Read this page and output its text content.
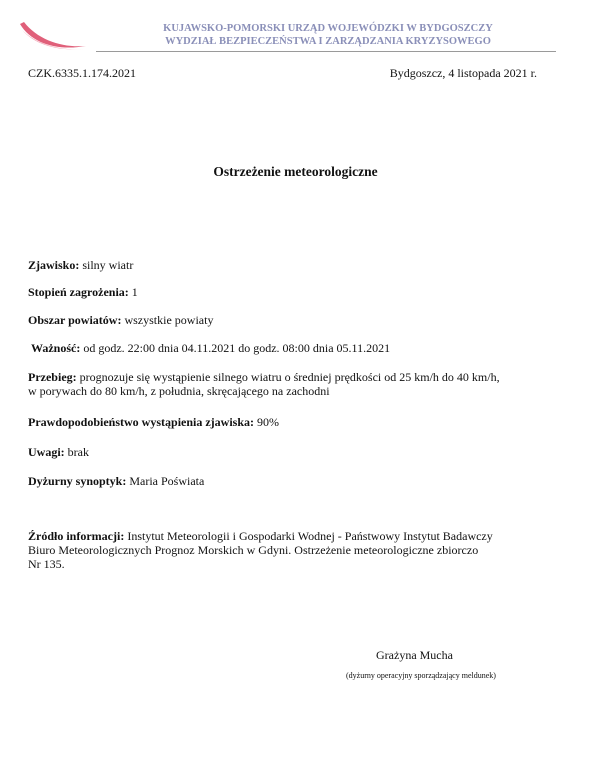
KUJAWSKO-POMORSKI URZĄD WOJEWÓDZKI W BYDGOSZCZY
WYDZIAŁ BEZPIECZEŃSTWA I ZARZĄDZANIA KRYZYSOWEGO
CZK.6335.1.174.2021	Bydgoszcz, 4 listopada 2021 r.
Ostrzeżenie meteorologiczne
Zjawisko: silny wiatr
Stopień zagrożenia: 1
Obszar powiatów: wszystkie powiaty
Ważność: od godz. 22:00 dnia 04.11.2021 do godz. 08:00 dnia 05.11.2021
Przebieg: prognozuje się wystąpienie silnego wiatru o średniej prędkości od 25 km/h do 40 km/h,
w porywach do 80 km/h, z południa, skręcającego na zachodni
Prawdopodobieństwo wystąpienia zjawiska: 90%
Uwagi: brak
Dyżurny synoptyk: Maria Poświata
Źródło informacji: Instytut Meteorologii i Gospodarki Wodnej - Państwowy Instytut Badawczy
Biuro Meteorologicznych Prognoz Morskich w Gdyni. Ostrzeżenie meteorologiczne zbiorczo
Nr 135.
Grażyna Mucha
(dyżurny operacyjny sporządzający meldunek)
